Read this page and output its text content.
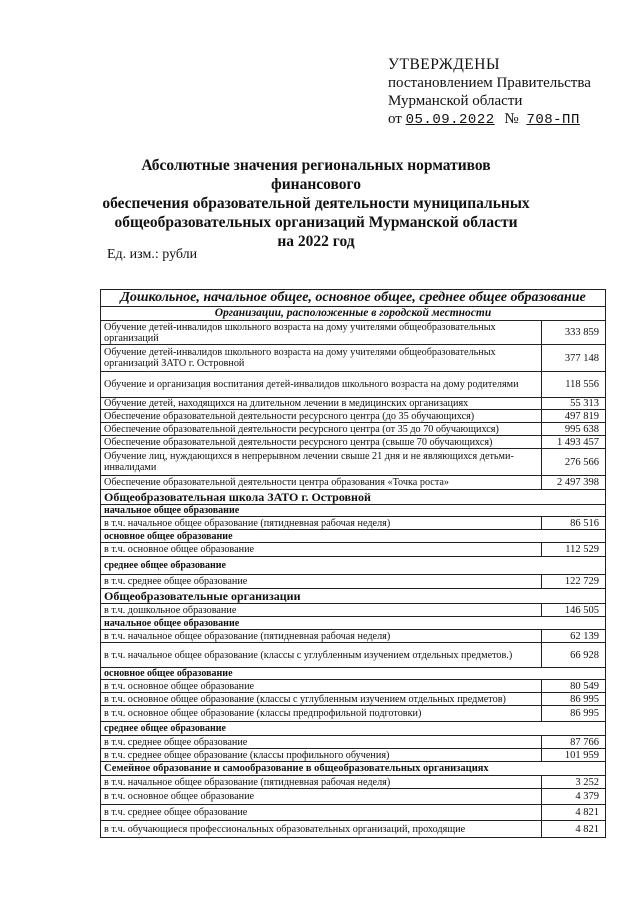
УТВЕРЖДЕНЫ
постановлением Правительства
Мурманской области
от 05.09.2022 № 708-ПП
Абсолютные значения региональных нормативов финансового
обеспечения образовательной деятельности муниципальных
общеобразовательных организаций Мурманской области
на 2022 год
Ед. изм.: рубли
Дошкольное, начальное общее, основное общее, среднее общее образование	
Организации, расположенные в городской местности	
Обучение детей-инвалидов школьного возраста на дому учителями общеобразовательных организаций	333 859
Обучение детей-инвалидов школьного возраста на дому учителями общеобразовательных организаций ЗАТО г. Островной	377 148
Обучение и организация воспитания детей-инвалидов школьного возраста на дому родителями	118 556
Обучение детей, находящихся на длительном лечении в медицинских организациях	55 313
Обеспечение образовательной деятельности ресурсного центра (до 35 обучающихся)	497 819
Обеспечение образовательной деятельности ресурсного центра (от 35 до 70 обучающихся)	995 638
Обеспечение образовательной деятельности ресурсного центра (свыше 70 обучающихся)	1 493 457
Обучение лиц, нуждающихся в непрерывном лечении свыше 21 дня и не являющихся детьми-инвалидами	276 566
Обеспечение образовательной деятельности центра образования «Точка роста»	2 497 398
Общеобразовательная школа ЗАТО г. Островной	
начальное общее образование	
в т.ч. начальное общее образование (пятидневная рабочая неделя)	86 516
основное общее образование	
в т.ч. основное общее образование	112 529
среднее общее образование	
в т.ч. среднее общее образование	122 729
Общеобразовательные организации	
в т.ч. дошкольное образование	146 505
начальное общее образование	
в т.ч. начальное общее образование (пятидневная рабочая неделя)	62 139
в т.ч. начальное общее образование (классы с углубленным изучением отдельных предметов.)	66 928
основное общее образование	
в т.ч. основное общее образование	80 549
в т.ч. основное общее образование (классы с углубленным изучением отдельных предметов)	86 995
в т.ч. основное общее образование (классы предпрофильной подготовки)	86 995
среднее общее образование	
в т.ч. среднее общее образование	87 766
в т.ч. среднее общее образование (классы профильного обучения)	101 959
Семейное образование и самообразование в общеобразовательных организациях	
в т.ч. начальное общее образование (пятидневная рабочая неделя)	3 252
в т.ч. основное общее образование	4 379
в т.ч. среднее общее образование	4 821
в т.ч. обучающиеся профессиональных образовательных организаций, проходящие	4 821
